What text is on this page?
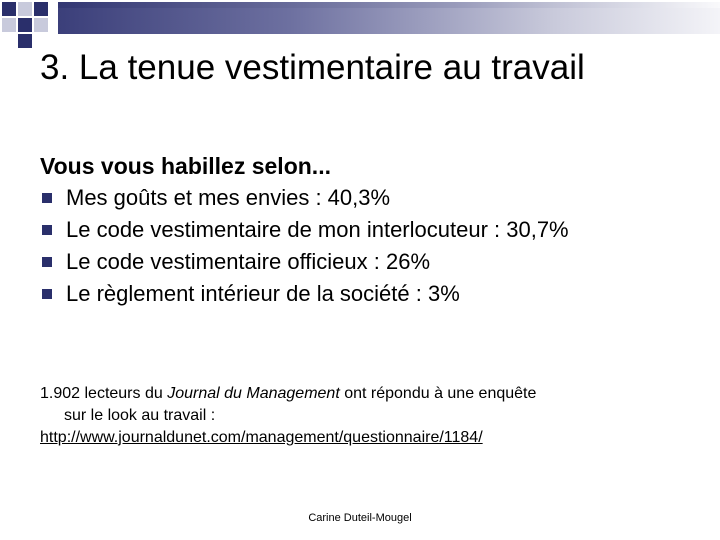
3. La tenue vestimentaire au travail

Vous vous habillez selon...

Mes goûts et mes envies : 40,3%
Le code vestimentaire de mon interlocuteur : 30,7%
Le code vestimentaire officieux : 26%
Le règlement intérieur de la société : 3%
1.902 lecteurs du Journal du Management ont répondu à une enquête
sur le look au travail :
http://www.journaldunet.com/management/questionnaire/1184/
Carine Duteil-Mougel
